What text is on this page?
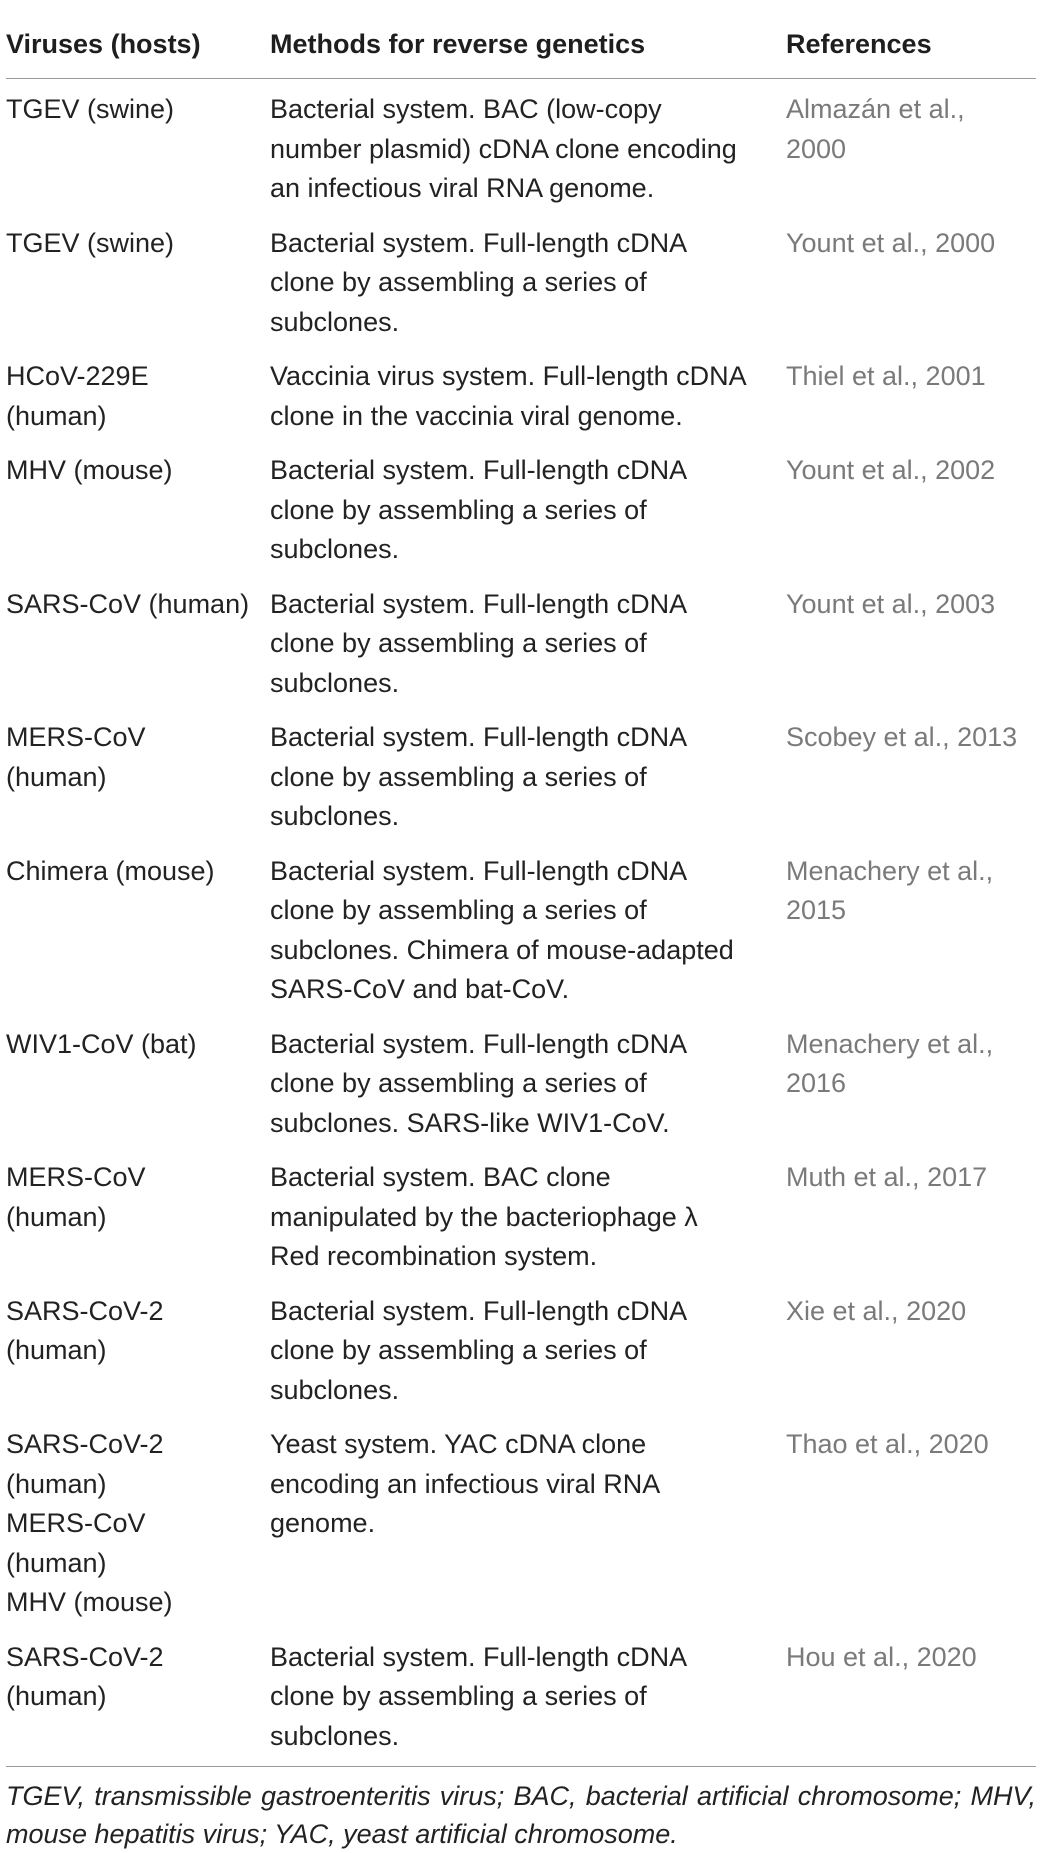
Viruses (hosts)	Methods for reverse genetics	References

TGEV (swine)	Bacterial system. BAC (low-copy
number plasmid) cDNA clone encoding
an infectious viral RNA genome.	Almazán et al.,
2000

TGEV (swine)	Bacterial system. Full-length cDNA
clone by assembling a series of
subclones.	Yount et al., 2000

HCoV-229E
(human)	Vaccinia virus system. Full-length cDNA
clone in the vaccinia viral genome.	Thiel et al., 2001

MHV (mouse)	Bacterial system. Full-length cDNA
clone by assembling a series of
subclones.	Yount et al., 2002

SARS-CoV (human)	Bacterial system. Full-length cDNA
clone by assembling a series of
subclones.	Yount et al., 2003

MERS-CoV
(human)	Bacterial system. Full-length cDNA
clone by assembling a series of
subclones.	Scobey et al., 2013

Chimera (mouse)	Bacterial system. Full-length cDNA
clone by assembling a series of
subclones. Chimera of mouse-adapted
SARS-CoV and bat-CoV.	Menachery et al.,
2015

WIV1-CoV (bat)	Bacterial system. Full-length cDNA
clone by assembling a series of
subclones. SARS-like WIV1-CoV.	Menachery et al.,
2016

MERS-CoV
(human)	Bacterial system. BAC clone
manipulated by the bacteriophage λ
Red recombination system.	Muth et al., 2017

SARS-CoV-2
(human)	Bacterial system. Full-length cDNA
clone by assembling a series of
subclones.	Xie et al., 2020

SARS-CoV-2
(human)
MERS-CoV
(human)
MHV (mouse)	Yeast system. YAC cDNA clone
encoding an infectious viral RNA
genome.	Thao et al., 2020

SARS-CoV-2
(human)	Bacterial system. Full-length cDNA
clone by assembling a series of
subclones.	Hou et al., 2020
TGEV, transmissible gastroenteritis virus; BAC, bacterial artificial chromosome; MHV, mouse hepatitis virus; YAC, yeast artificial chromosome.
